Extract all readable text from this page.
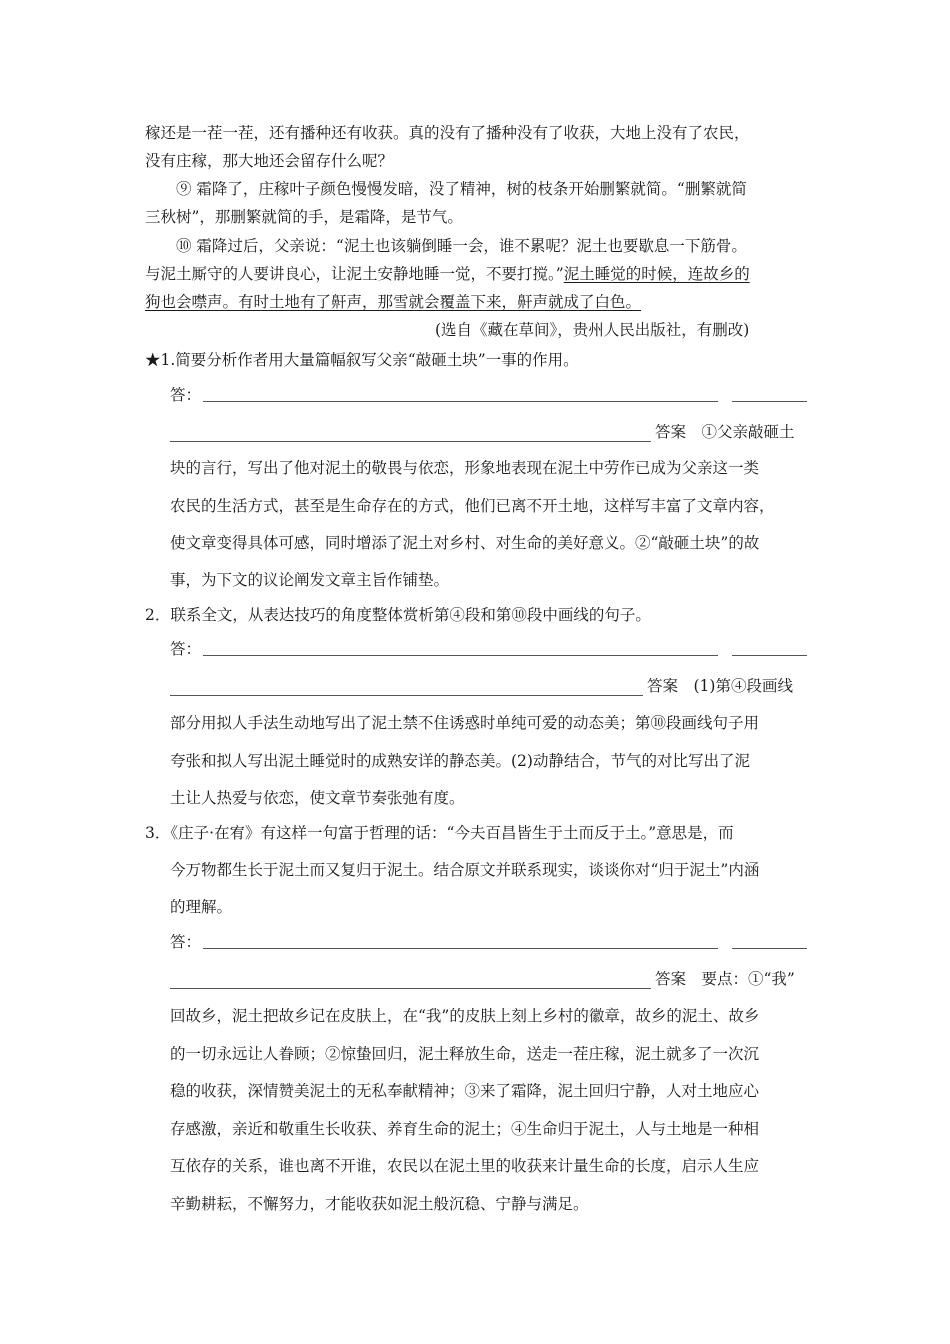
稼还是一茬一茬，还有播种还有收获。真的没有了播种没有了收获，大地上没有了农民，
没有庄稼，那大地还会留存什么呢？
⑨ 霜降了，庄稼叶子颜色慢慢发暗，没了精神，树的枝条开始删繁就简。“删繁就简
三秋树”，那删繁就简的手，是霜降，是节气。
⑩ 霜降过后，父亲说：“泥土也该躺倒睡一会，谁不累呢？泥土也要歇息一下筋骨。
与泥土厮守的人要讲良心，让泥土安静地睡一觉，不要打搅。”泥土睡觉的时候，连故乡的
狗也会噤声。有时土地有了鼾声，那雪就会覆盖下来，鼾声就成了白色。
(选自《藏在草间》，贵州人民出版社，有删改)
★1.简要分析作者用大量篇幅叙写父亲“敲砸土块”一事的作用。
答：
答案　①父亲敲砸土
块的言行，写出了他对泥土的敬畏与依恋，形象地表现在泥土中劳作已成为父亲这一类
农民的生活方式，甚至是生命存在的方式，他们已离不开土地，这样写丰富了文章内容，
使文章变得具体可感，同时增添了泥土对乡村、对生命的美好意义。②“敲砸土块”的故
事，为下文的议论阐发文章主旨作铺垫。
2．联系全文，从表达技巧的角度整体赏析第④段和第⑩段中画线的句子。
答：
答案　(1)第④段画线
部分用拟人手法生动地写出了泥土禁不住诱惑时单纯可爱的动态美；第⑩段画线句子用
夸张和拟人写出泥土睡觉时的成熟安详的静态美。(2)动静结合，节气的对比写出了泥
土让人热爱与依恋，使文章节奏张弛有度。
3．《庄子·在宥》有这样一句富于哲理的话：“今夫百昌皆生于土而反于土。”意思是，而
今万物都生长于泥土而又复归于泥土。结合原文并联系现实，谈谈你对“归于泥土”内涵
的理解。
答：
答案　要点：①“我”
回故乡，泥土把故乡记在皮肤上，在“我”的皮肤上刻上乡村的徽章，故乡的泥土、故乡
的一切永远让人眷顾；②惊蛰回归，泥土释放生命，送走一茬庄稼，泥土就多了一次沉
稳的收获，深情赞美泥土的无私奉献精神；③来了霜降，泥土回归宁静，人对土地应心
存感激，亲近和敬重生长收获、养育生命的泥土；④生命归于泥土，人与土地是一种相
互依存的关系，谁也离不开谁，农民以在泥土里的收获来计量生命的长度，启示人生应
辛勤耕耘，不懈努力，才能收获如泥土般沉稳、宁静与满足。
